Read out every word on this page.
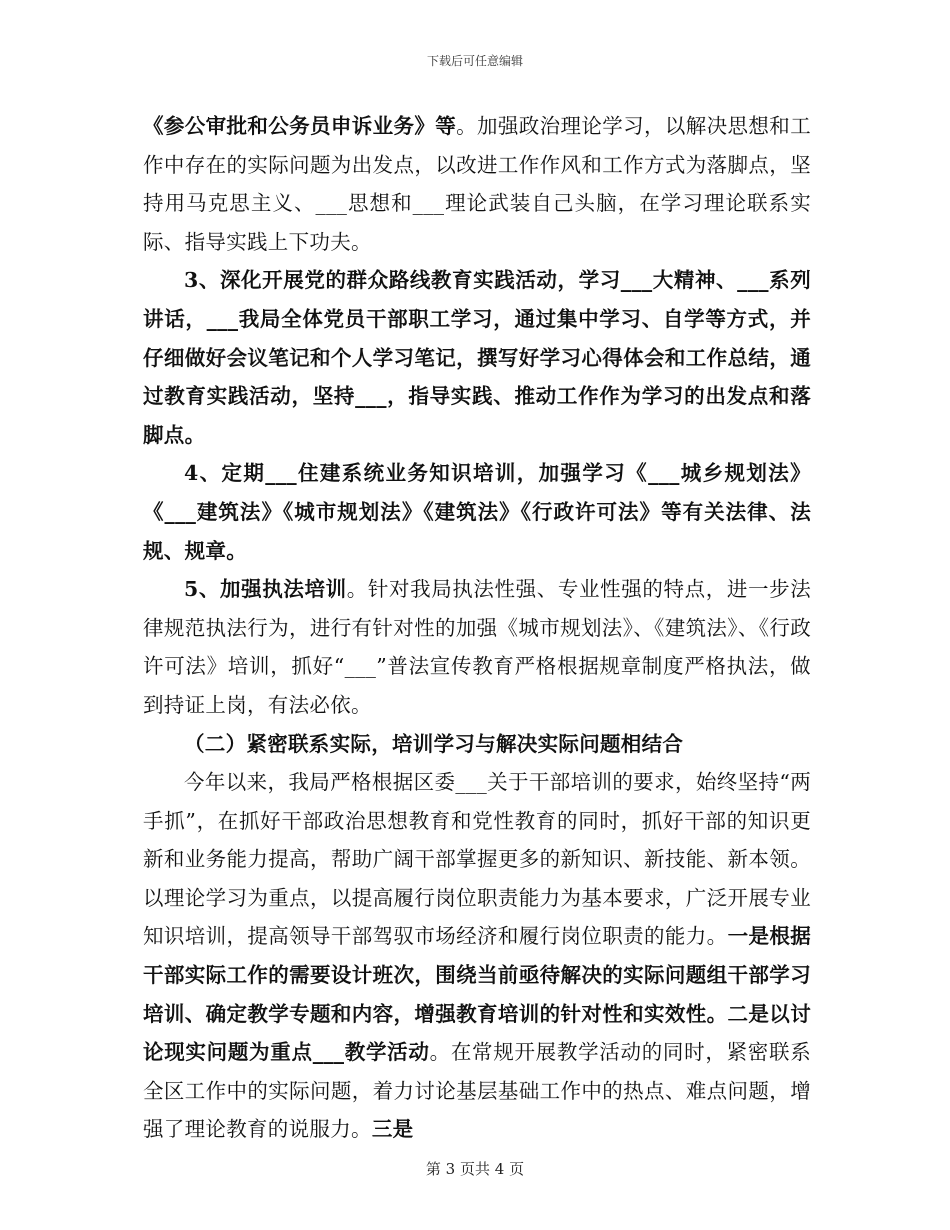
下载后可任意编辑

《参公审批和公务员申诉业务》等。加强政治理论学习，以解决思想和工作中存在的实际问题为出发点，以改进工作作风和工作方式为落脚点，坚持用马克思主义、___思想和___理论武装自己头脑，在学习理论联系实际、指导实践上下功夫。

3、深化开展党的群众路线教育实践活动，学习___大精神、___系列讲话，___我局全体党员干部职工学习，通过集中学习、自学等方式，并仔细做好会议笔记和个人学习笔记，撰写好学习心得体会和工作总结，通过教育实践活动，坚持___，指导实践、推动工作作为学习的出发点和落脚点。

4、定期___住建系统业务知识培训，加强学习《___城乡规划法》《___建筑法》《城市规划法》《建筑法》《行政许可法》等有关法律、法规、规章。

5、加强执法培训。针对我局执法性强、专业性强的特点，进一步法律规范执法行为，进行有针对性的加强《城市规划法》、《建筑法》、《行政许可法》培训，抓好“___”普法宣传教育严格根据规章制度严格执法，做到持证上岗，有法必依。

（二）紧密联系实际，培训学习与解决实际问题相结合

今年以来，我局严格根据区委___关于干部培训的要求，始终坚持“两手抓”，在抓好干部政治思想教育和党性教育的同时，抓好干部的知识更新和业务能力提高，帮助广阔干部掌握更多的新知识、新技能、新本领。以理论学习为重点，以提高履行岗位职责能力为基本要求，广泛开展专业知识培训，提高领导干部驾驭市场经济和履行岗位职责的能力。一是根据干部实际工作的需要设计班次，围绕当前亟待解决的实际问题组干部学习培训、确定教学专题和内容，增强教育培训的针对性和实效性。二是以讨论现实问题为重点___教学活动。在常规开展教学活动的同时，紧密联系全区工作中的实际问题，着力讨论基层基础工作中的热点、难点问题，增强了理论教育的说服力。三是

第 3 页共 4 页
